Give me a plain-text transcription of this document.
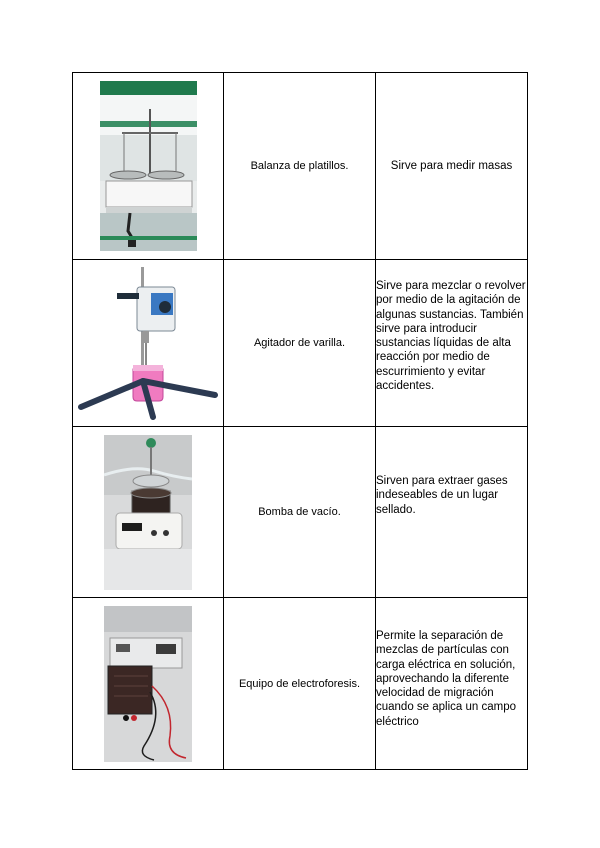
	Balanza de platillos.	Sirve para medir masas

	Agitador de varilla.	Sirve para mezclar o revolver por medio de la agitación de algunas sustancias. También sirve para introducir sustancias líquidas de alta reacción por medio de escurrimiento y evitar accidentes.

	Bomba de vacío.	Sirven para extraer gases indeseables de un lugar sellado.

	Equipo de electroforesis.	Permite la separación de mezclas de partículas con carga eléctrica en solución, aprovechando la diferente velocidad de migración cuando se aplica un campo eléctrico
